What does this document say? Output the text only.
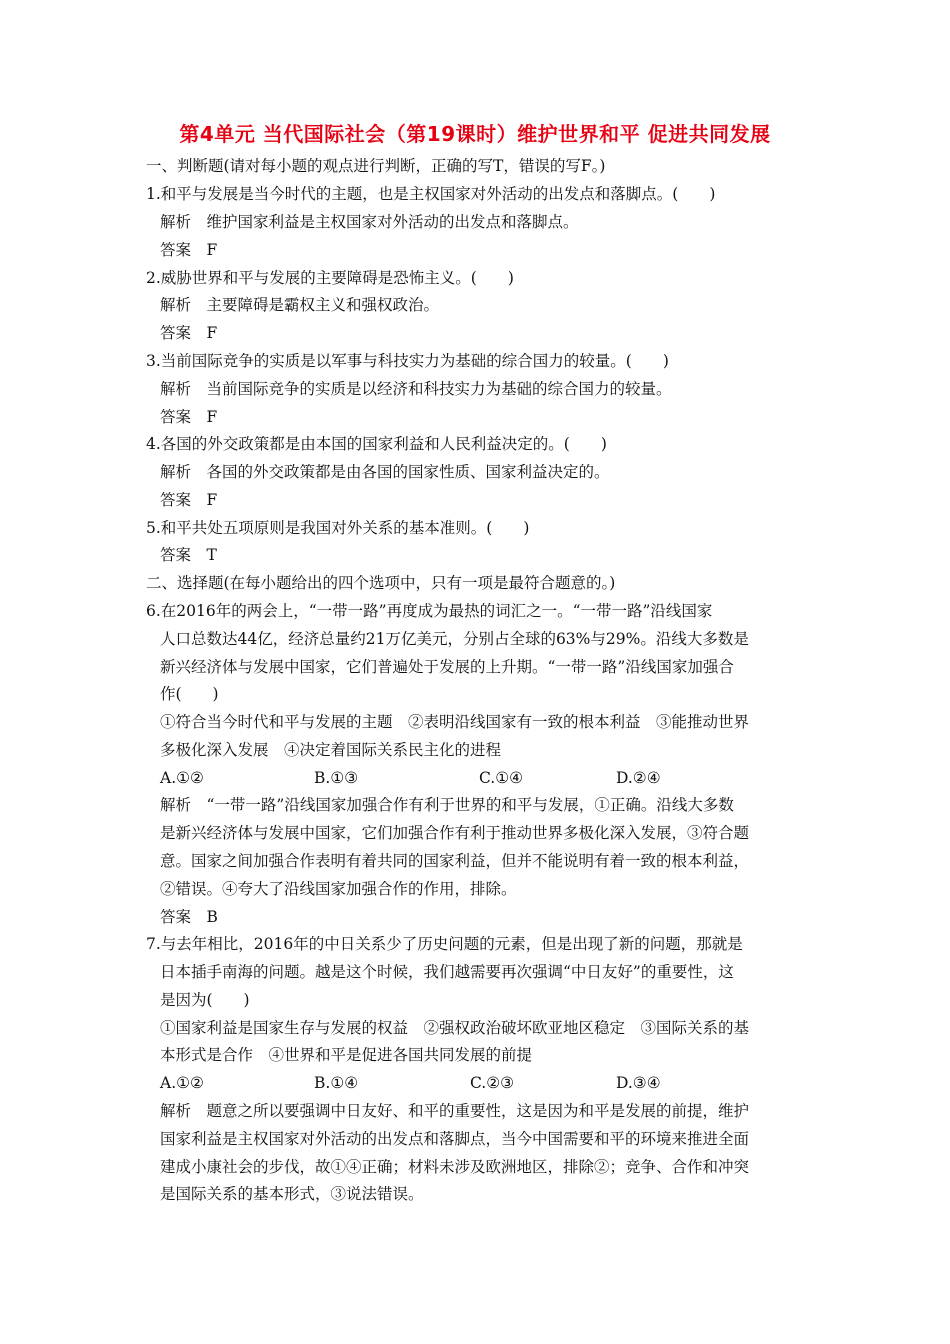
第4单元 当代国际社会（第19课时）维护世界和平 促进共同发展
一、判断题(请对每小题的观点进行判断，正确的写T，错误的写F。)
1.和平与发展是当今时代的主题，也是主权国家对外活动的出发点和落脚点。(　　)
解析　维护国家利益是主权国家对外活动的出发点和落脚点。
答案　F
2.威胁世界和平与发展的主要障碍是恐怖主义。(　　)
解析　主要障碍是霸权主义和强权政治。
答案　F
3.当前国际竞争的实质是以军事与科技实力为基础的综合国力的较量。(　　)
解析　当前国际竞争的实质是以经济和科技实力为基础的综合国力的较量。
答案　F
4.各国的外交政策都是由本国的国家利益和人民利益决定的。(　　)
解析　各国的外交政策都是由各国的国家性质、国家利益决定的。
答案　F
5.和平共处五项原则是我国对外关系的基本准则。(　　)
答案　T
二、选择题(在每小题给出的四个选项中，只有一项是最符合题意的。)
6.在2016年的两会上，“一带一路”再度成为最热的词汇之一。“一带一路”沿线国家
人口总数达44亿，经济总量约21万亿美元，分别占全球的63%与29%。沿线大多数是
新兴经济体与发展中国家，它们普遍处于发展的上升期。“一带一路”沿线国家加强合
作(　　)
①符合当今时代和平与发展的主题　②表明沿线国家有一致的根本利益　③能推动世界
多极化深入发展　④决定着国际关系民主化的进程
A.①②	B.①③	C.①④	D.②④
解析　“一带一路”沿线国家加强合作有利于世界的和平与发展，①正确。沿线大多数
是新兴经济体与发展中国家，它们加强合作有利于推动世界多极化深入发展，③符合题
意。国家之间加强合作表明有着共同的国家利益，但并不能说明有着一致的根本利益，
②错误。④夸大了沿线国家加强合作的作用，排除。
答案　B
7.与去年相比，2016年的中日关系少了历史问题的元素，但是出现了新的问题，那就是
日本插手南海的问题。越是这个时候，我们越需要再次强调“中日友好”的重要性，这
是因为(　　)
①国家利益是国家生存与发展的权益　②强权政治破坏欧亚地区稳定　③国际关系的基
本形式是合作　④世界和平是促进各国共同发展的前提
A.①②	B.①④	C.②③	D.③④
解析　题意之所以要强调中日友好、和平的重要性，这是因为和平是发展的前提，维护
国家利益是主权国家对外活动的出发点和落脚点，当今中国需要和平的环境来推进全面
建成小康社会的步伐，故①④正确；材料未涉及欧洲地区，排除②；竞争、合作和冲突
是国际关系的基本形式，③说法错误。
